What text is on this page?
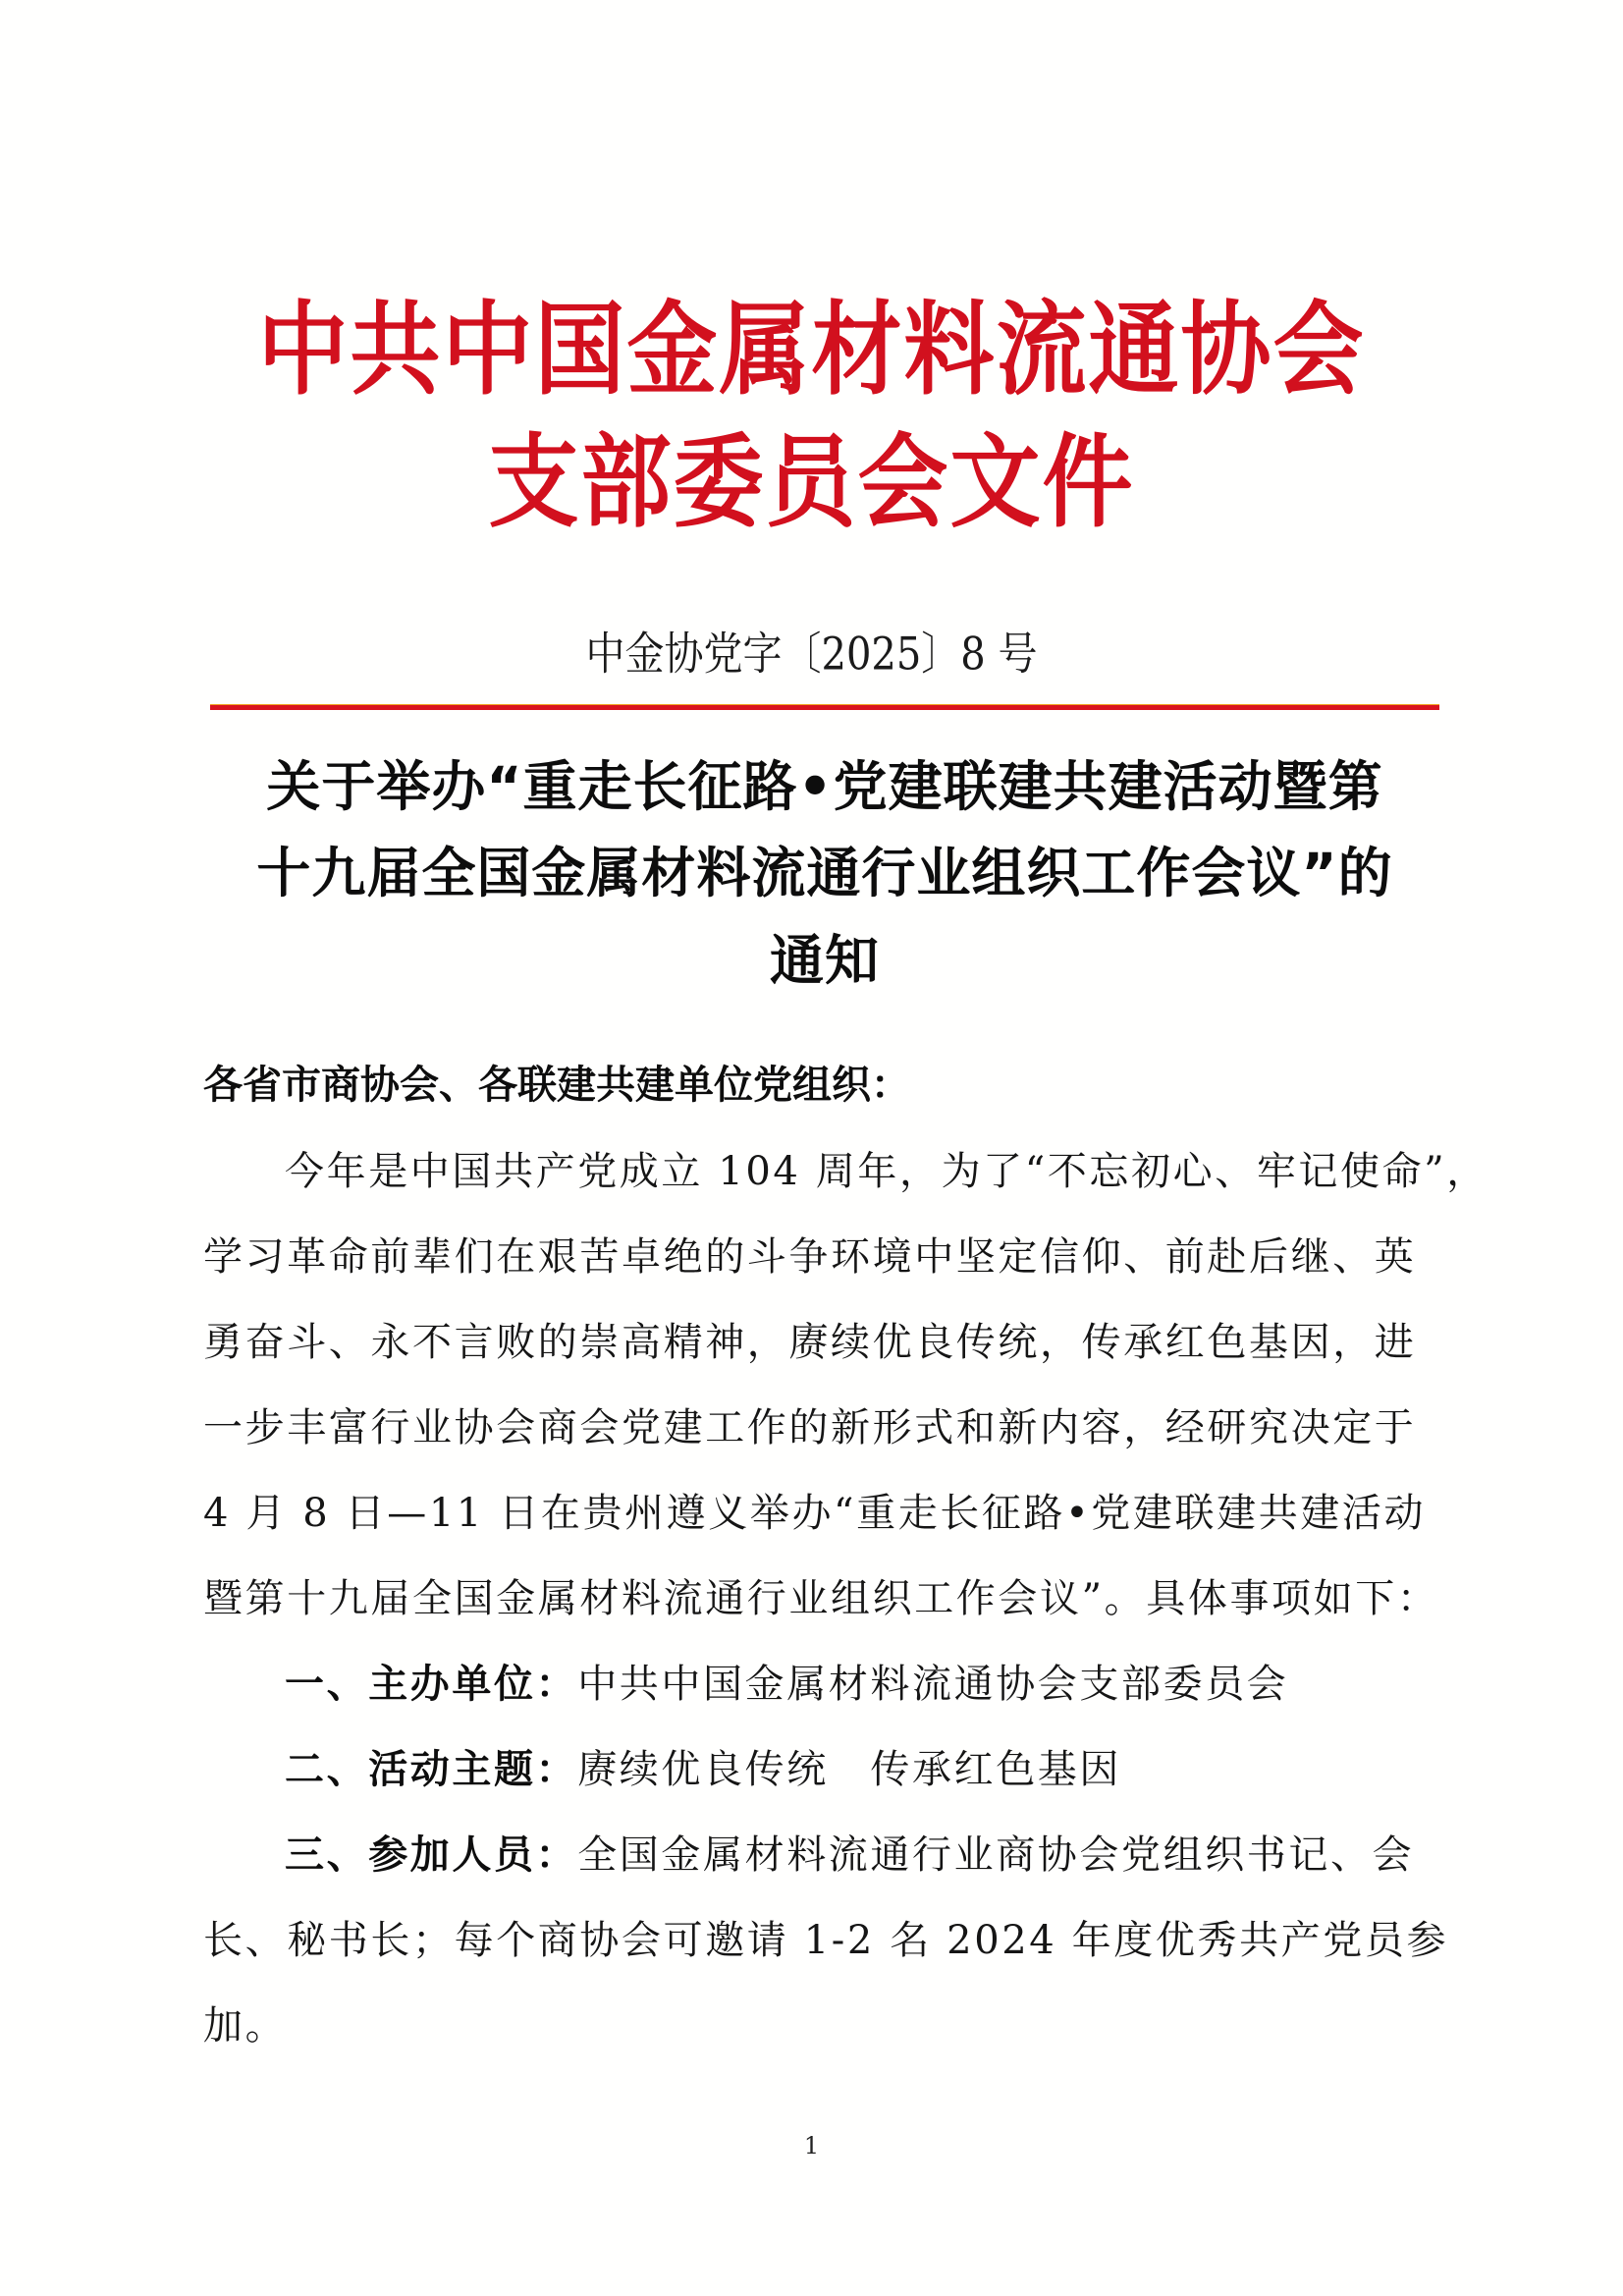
中共中国金属材料流通协会
支部委员会文件
中金协党字〔2025〕8 号
关于举办“重走长征路•党建联建共建活动暨第
十九届全国金属材料流通行业组织工作会议”的
通知
各省市商协会、各联建共建单位党组织：
今年是中国共产党成立 104 周年，为了“不忘初心、牢记使命”，
学习革命前辈们在艰苦卓绝的斗争环境中坚定信仰、前赴后继、英
勇奋斗、永不言败的崇高精神，赓续优良传统，传承红色基因，进
一步丰富行业协会商会党建工作的新形式和新内容，经研究决定于
4 月 8 日—11 日在贵州遵义举办“重走长征路•党建联建共建活动
暨第十九届全国金属材料流通行业组织工作会议”。具体事项如下：
一、主办单位：中共中国金属材料流通协会支部委员会
二、活动主题：赓续优良传统　传承红色基因
三、参加人员：全国金属材料流通行业商协会党组织书记、会
长、秘书长；每个商协会可邀请 1-2 名 2024 年度优秀共产党员参
加。
1
